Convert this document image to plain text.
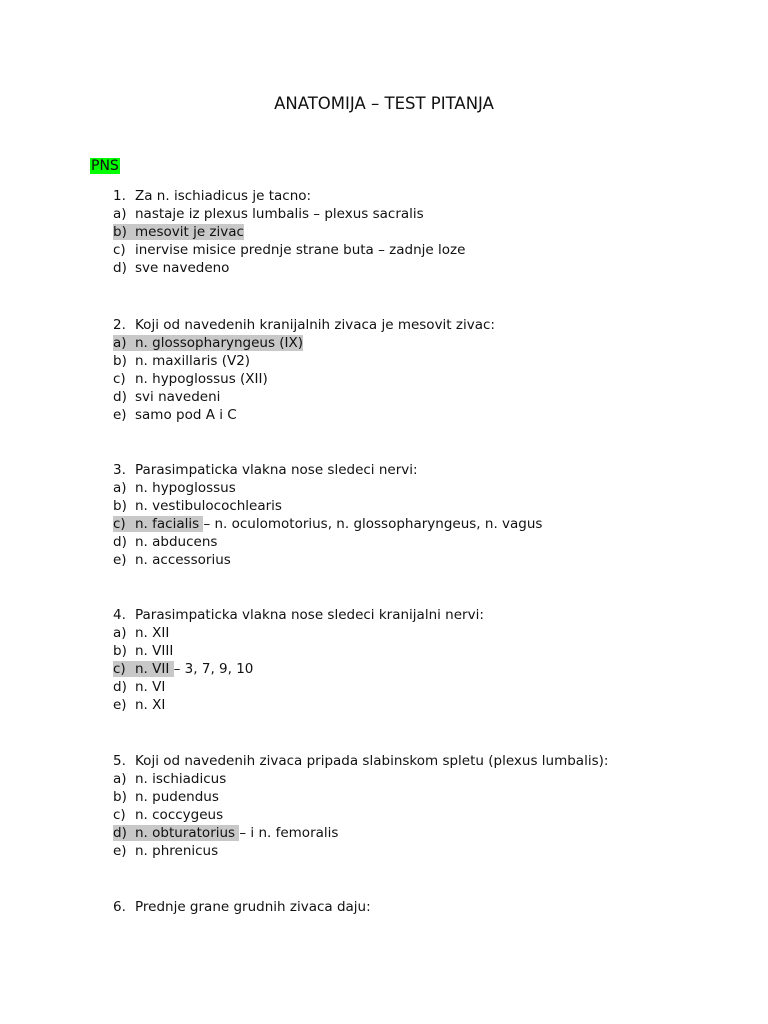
ANATOMIJA – TEST PITANJA
PNS
1. Za n. ischiadicus je tacno:
a) nastaje iz plexus lumbalis – plexus sacralis
b) mesovit je zivac
c) inervise misice prednje strane buta – zadnje loze
d) sve navedeno
2. Koji od navedenih kranijalnih zivaca je mesovit zivac:
a) n. glossopharyngeus (IX)
b) n. maxillaris (V2)
c) n. hypoglossus (XII)
d) svi navedeni
e) samo pod A i C
3. Parasimpaticka vlakna nose sledeci nervi:
a) n. hypoglossus
b) n. vestibulocochlearis
c) n. facialis – n. oculomotorius, n. glossopharyngeus, n. vagus
d) n. abducens
e) n. accessorius
4. Parasimpaticka vlakna nose sledeci kranijalni nervi:
a) n. XII
b) n. VIII
c) n. VII – 3, 7, 9, 10
d) n. VI
e) n. XI
5. Koji od navedenih zivaca pripada slabinskom spletu (plexus lumbalis):
a) n. ischiadicus
b) n. pudendus
c) n. coccygeus
d) n. obturatorius – i n. femoralis
e) n. phrenicus
6. Prednje grane grudnih zivaca daju:
